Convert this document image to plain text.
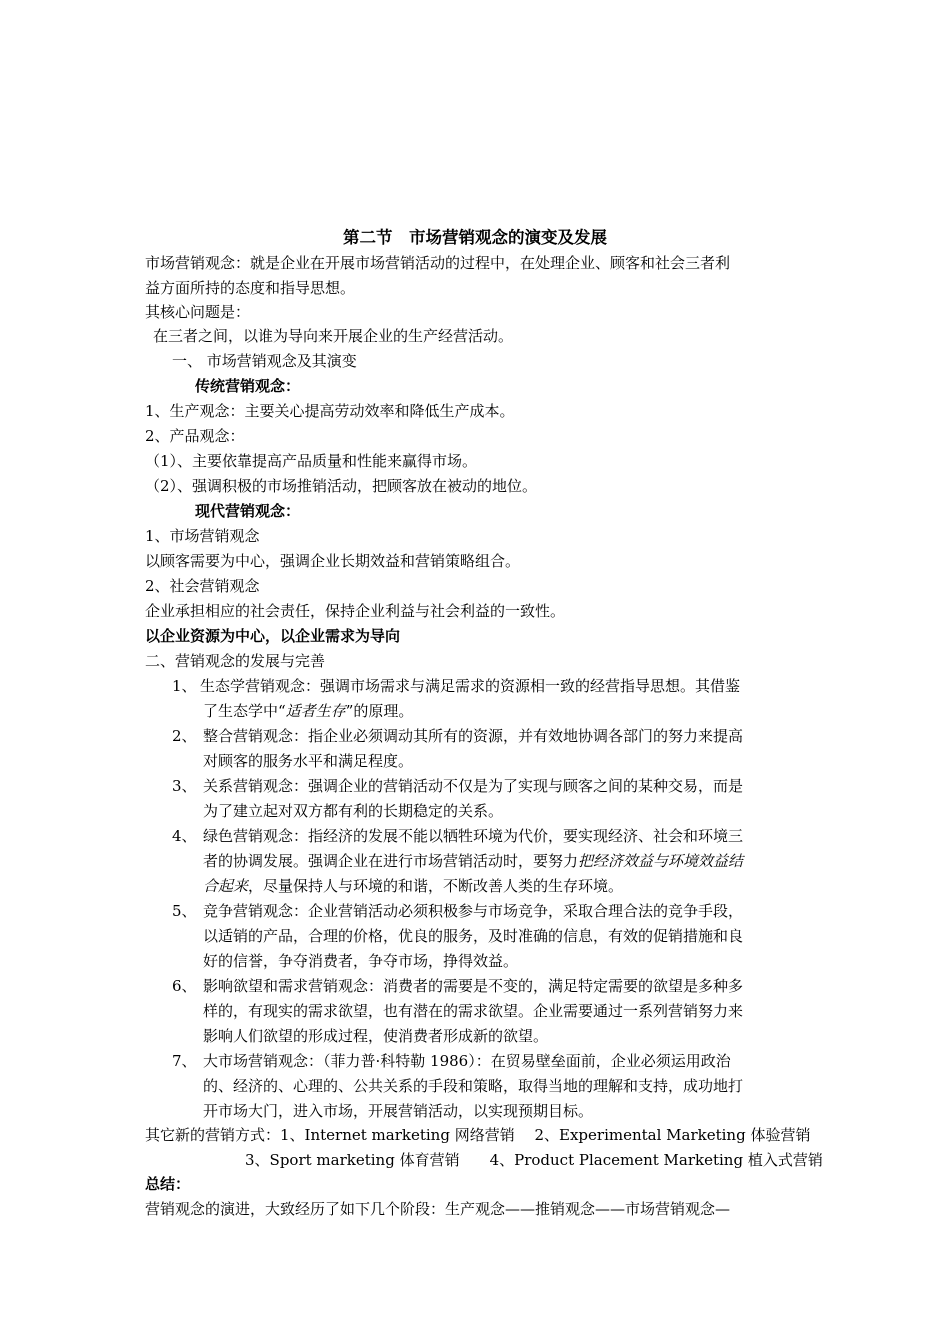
第二节　市场营销观念的演变及发展
市场营销观念：就是企业在开展市场营销活动的过程中，在处理企业、顾客和社会三者利
益方面所持的态度和指导思想。
其核心问题是：
在三者之间，以谁为导向来开展企业的生产经营活动。
一、 市场营销观念及其演变
传统营销观念：
1、生产观念：主要关心提高劳动效率和降低生产成本。
2、产品观念：
（1）、主要依靠提高产品质量和性能来赢得市场。
（2）、强调积极的市场推销活动，把顾客放在被动的地位。
现代营销观念：
1、市场营销观念
以顾客需要为中心，强调企业长期效益和营销策略组合。
2、社会营销观念
企业承担相应的社会责任，保持企业利益与社会利益的一致性。
以企业资源为中心，以企业需求为导向
二、营销观念的发展与完善
1、 生态学营销观念：强调市场需求与满足需求的资源相一致的经营指导思想。其借鉴
了生态学中“适者生存”的原理。
2、 整合营销观念：指企业必须调动其所有的资源，并有效地协调各部门的努力来提高
对顾客的服务水平和满足程度。
3、 关系营销观念：强调企业的营销活动不仅是为了实现与顾客之间的某种交易，而是
为了建立起对双方都有利的长期稳定的关系。
4、 绿色营销观念：指经济的发展不能以牺牲环境为代价，要实现经济、社会和环境三
者的协调发展。强调企业在进行市场营销活动时，要努力把经济效益与环境效益结
合起来，尽量保持人与环境的和谐，不断改善人类的生存环境。
5、 竞争营销观念：企业营销活动必须积极参与市场竞争，采取合理合法的竞争手段，
以适销的产品，合理的价格，优良的服务，及时准确的信息，有效的促销措施和良
好的信誉，争夺消费者，争夺市场，挣得效益。
6、 影响欲望和需求营销观念：消费者的需要是不变的，满足特定需要的欲望是多种多
样的，有现实的需求欲望，也有潜在的需求欲望。企业需要通过一系列营销努力来
影响人们欲望的形成过程，使消费者形成新的欲望。
7、 大市场营销观念：（菲力普·科特勒 1986）：在贸易壁垒面前，企业必须运用政治
的、经济的、心理的、公共关系的手段和策略，取得当地的理解和支持，成功地打
开市场大门，进入市场，开展营销活动，以实现预期目标。
其它新的营销方式：1、Internet marketing 网络营销　 2、Experimental Marketing 体验营销
3、Sport marketing 体育营销　　4、Product Placement Marketing 植入式营销
总结：
营销观念的演进，大致经历了如下几个阶段：生产观念——推销观念——市场营销观念—
